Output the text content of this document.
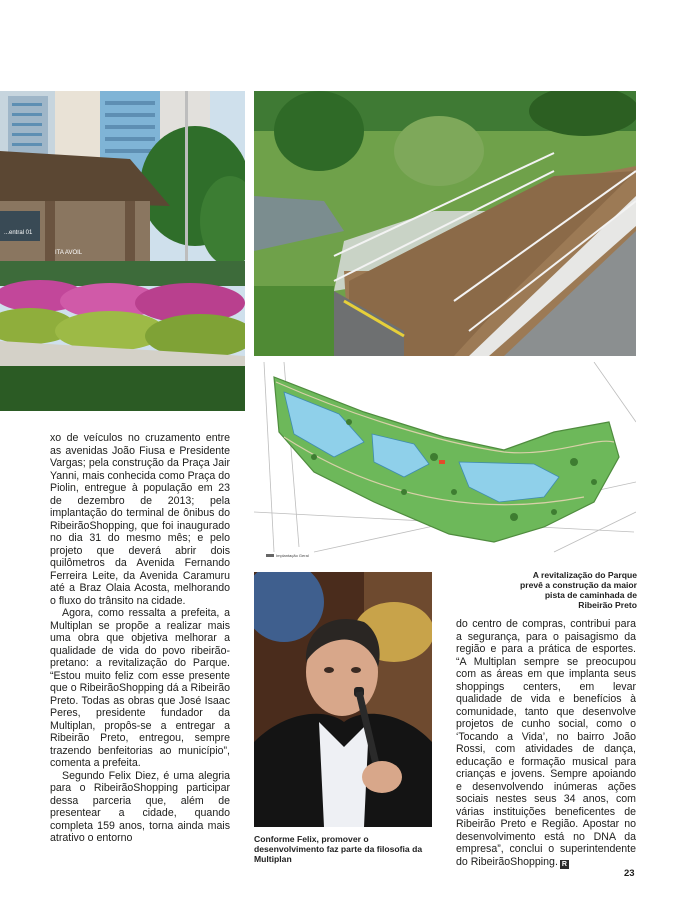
...entral 01
ITA AVOIL
Implantação Geral
A revitalização do Parque prevê a construção da maior pista de caminhada de Ribeirão Preto
Conforme Felix, promover o desenvolvimento faz parte da filosofia da Multiplan

xo de veículos no cruzamento entre as avenidas João Fiusa e Presidente Vargas; pela construção da Praça Jair Yanni, mais conhecida como Praça do Piolin, entregue à população em 23 de dezembro de 2013; pela implantação do terminal de ônibus do RibeirãoShopping, que foi inaugurado no dia 31 do mesmo mês; e pelo projeto que deverá abrir dois quilômetros da Avenida Fernando Ferreira Leite, da Avenida Caramuru até a Braz Olaia Acosta, melhorando o fluxo do trânsito na cidade.

Agora, como ressalta a prefeita, a Multiplan se propõe a realizar mais uma obra que objetiva melhorar a qualidade de vida do povo ribeirão-pretano: a revitalização do Parque. “Estou muito feliz com esse presente que o RibeirãoShopping dá a Ribeirão Preto. Todas as obras que José Isaac Peres, presidente fundador da Multiplan, propôs-se a entregar a Ribeirão Preto, entregou, sempre trazendo benfeitorias ao município”, comenta a prefeita.

Segundo Felix Diez, é uma alegria para o RibeirãoShopping participar dessa parceria que, além de presentear a cidade, quando completa 159 anos, torna ainda mais atrativo o entorno

do centro de compras, contribui para a segurança, para o paisagismo da região e para a prática de esportes. “A Multiplan sempre se preocupou com as áreas em que implanta seus shoppings centers, em levar qualidade de vida e benefícios à comunidade, tanto que desenvolve projetos de cunho social, como o ‘Tocando a Vida’, no bairro João Rossi, com atividades de dança, educação e formação musical para crianças e jovens. Sempre apoiando e desenvolvendo inúmeras ações sociais nestes seus 34 anos, com várias instituições beneficentes de Ribeirão Preto e Região. Apostar no desenvolvimento está no DNA da empresa”, conclui o superintendente do RibeirãoShopping. R

23
